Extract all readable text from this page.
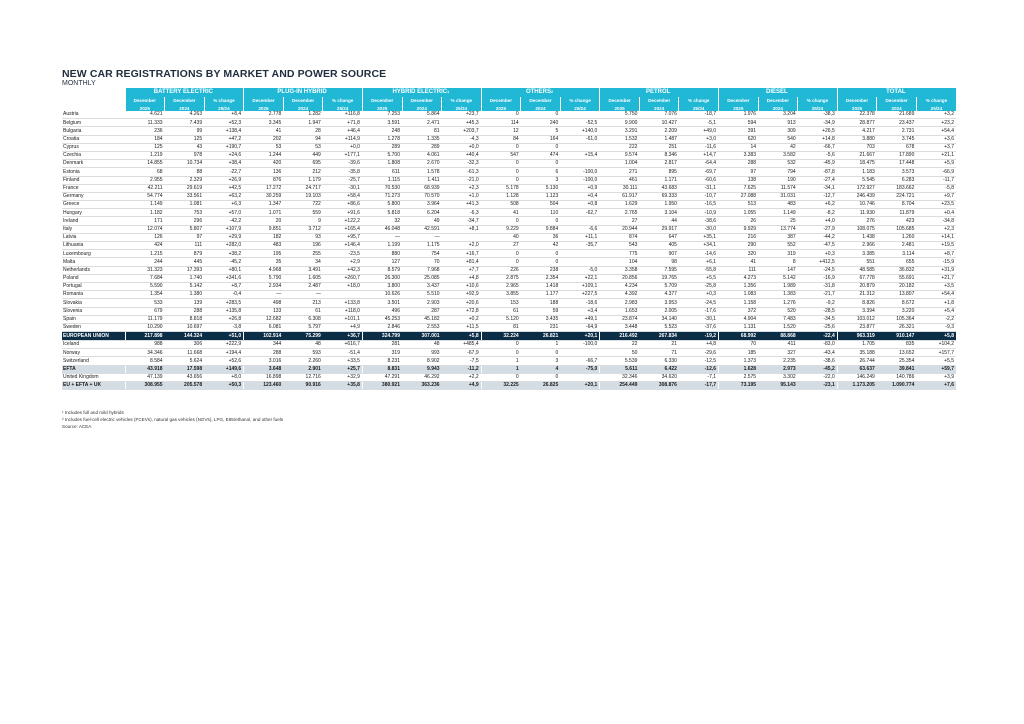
NEW CAR REGISTRATIONS BY MARKET AND POWER SOURCE
MONTHLY
	BATTERY ELECTRIC			PLUG-IN HYBRID			HYBRID ELECTRIC$^1$			OTHERS$^2$			PETROL			DIESEL			TOTAL		
	December	December	% change	December	December	% change	December	December	% change	December	December	% change	December	December	% change	December	December	% change	December	December	% change
	2025	2024	25/24	2025	2024	25/24	2025	2024	25/24	2025	2024	25/24	2025	2024	25/24	2025	2024	25/24	2025	2024	25/24
Austria	4.621	4.263	+8,4	2.778	1.282	+116,8	7.253	5.864	+23,7	0	0		5.750	7.076	-18,7	1.976	3.204	-38,3	22.378	21.689	+3,2
Belgium	11.333	7.439	+52,3	3.345	1.947	+71,8	3.591	2.471	+45,3	114	240	-52,5	9.900	10.427	-5,1	594	913	-34,9	28.877	23.437	+23,2
Bulgaria	236	99	+138,4	41	28	+46,4	248	81	+203,7	12	5	+140,0	3.291	2.209	+49,0	391	309	+26,5	4.217	2.731	+54,4
Croatia	184	125	+47,2	202	94	+114,9	1.278	1.335	-4,3	84	164	-61,0	1.532	1.487	+3,0	620	540	+14,8	3.880	3.745	+3,6
Cyprus	125	43	+190,7	53	53	+0,0	289	289	+0,0	0	0		222	251	-11,6	14	42	-66,7	703	678	+3,7
Czechia	1.219	978	+24,6	1.244	449	+177,1	5.700	4.061	+40,4	547	474	+15,4	9.574	8.346	+14,7	3.383	3.582	-5,6	21.667	17.890	+21,1
Denmark	14.855	10.734	+38,4	420	695	-39,6	1.808	2.670	-32,3	0	0		1.004	2.817	-64,4	288	532	-45,9	18.475	17.448	+5,9
Estonia	68	88	-22,7	136	212	-35,8	611	1.578	-61,3	0	6	-100,0	271	895	-69,7	97	794	-87,8	1.183	3.573	-66,9
Finland	2.955	2.329	+26,9	876	1.179	-25,7	1.115	1.411	-21,0	0	3	-100,0	461	1.171	-60,6	138	190	-27,4	5.545	6.283	-11,7
France	42.211	29.619	+42,5	17.272	24.717	-30,1	70.530	68.939	+2,3	5.178	5.130	+0,9	30.111	43.683	-31,1	7.625	11.574	-34,1	172.927	183.662	-5,8
Germany	54.774	33.561	+63,2	30.259	19.103	+58,4	71.273	70.570	+1,0	1.128	1.123	+0,4	61.917	69.333	-10,7	27.088	31.031	-12,7	246.439	224.721	+9,7
Greece	1.149	1.081	+6,3	1.347	722	+86,6	5.800	3.964	+41,3	508	504	+0,8	1.629	1.950	-16,5	513	483	+6,2	10.746	8.704	+23,5
Hungary	1.182	753	+57,0	1.071	559	+91,6	5.818	6.204	-6,3	41	110	-62,7	2.765	3.104	-10,9	1.055	1.149	-8,2	11.930	11.879	+0,4
Ireland	171	296	-42,2	20	9	+122,2	32	49	-34,7	0	0		27	44	-38,6	26	25	+4,0	276	423	-34,8
Italy	12.074	5.807	+107,9	9.851	3.712	+165,4	46.048	42.591	+8,1	9.229	9.884	-6,6	20.944	29.917	-30,0	9.929	13.774	-27,9	108.075	105.685	+2,3
Latvia	126	97	+29,9	182	93	+95,7	—	—		40	36	+11,1	874	647	+35,1	216	387	-44,2	1.438	1.260	+14,1
Lithuania	424	111	+282,0	483	196	+146,4	1.199	1.175	+2,0	27	42	-35,7	543	405	+34,1	290	552	-47,5	2.966	2.481	+19,5
Luxembourg	1.215	879	+38,2	195	255	-23,5	880	754	+16,7	0	0		775	907	-14,6	320	319	+0,3	3.385	3.114	+8,7
Malta	244	445	-45,2	35	34	+2,9	127	70	+81,4	0	0		104	98	+6,1	41	8	+412,5	551	655	-15,9
Netherlands	31.323	17.393	+80,1	4.968	3.491	+42,3	8.579	7.968	+7,7	226	238	-5,0	3.358	7.595	-55,8	111	147	-24,5	48.585	36.832	+31,9
Poland	7.684	1.740	+341,6	5.790	1.605	+260,7	26.300	25.085	+4,8	2.875	2.354	+22,1	20.856	19.765	+5,5	4.273	5.142	-16,9	67.778	55.691	+21,7
Portugal	5.590	5.142	+8,7	2.934	2.487	+18,0	3.800	3.437	+10,6	2.965	1.418	+109,1	4.234	5.709	-25,8	1.356	1.989	-31,8	20.879	20.182	+3,5
Romania	1.354	1.380	-0,4	—	—		10.626	5.510	+92,9	3.855	1.177	+227,5	4.392	4.377	+0,3	1.083	1.383	-21,7	21.312	13.807	+54,4
Slovakia	533	139	+283,5	498	213	+133,8	3.501	2.903	+20,6	153	188	-18,6	2.983	3.953	-24,5	1.158	1.276	-9,2	8.826	8.672	+1,8
Slovenia	679	288	+135,8	133	61	+118,0	496	287	+72,8	61	59	+3,4	1.653	2.005	-17,6	372	520	-28,5	3.394	3.220	+5,4
Spain	11.179	8.818	+26,8	12.682	6.308	+101,1	45.253	45.182	+0,2	5.120	3.435	+49,1	23.874	34.140	-30,1	4.904	7.483	-34,5	103.012	105.364	-2,2
Sweden	10.290	10.697	-3,8	6.081	5.797	+4,9	2.846	2.553	+11,5	81	231	-64,9	3.448	5.523	-37,6	1.131	1.520	-25,6	23.877	26.321	-9,3
EUROPEAN UNION	217.898	144.324	+51,0	102.914	75.299	+36,7	324.799	307.001	+5,8	32.224	26.821	+20,1	216.492	267.834	-19,2	68.992	88.868	-22,4	963.319	910.147	+5,8
Iceland	988	306	+222,9	344	48	+616,7	281	48	+485,4	0	1	-100,0	22	21	+4,8	70	411	-83,0	1.705	835	+104,2
Norway	34.346	11.668	+194,4	288	593	-51,4	319	993	-67,9	0	0		50	71	-29,6	185	327	-43,4	35.188	13.652	+157,7
Switzerland	8.584	5.624	+52,6	3.016	2.260	+33,5	8.231	8.902	-7,5	1	3	-66,7	5.539	6.330	-12,5	1.373	2.235	-38,6	26.744	25.354	+5,5
EFTA	43.918	17.598	+149,6	3.648	2.901	+25,7	8.831	9.943	-11,2	1	4	-75,0	5.611	6.422	-12,6	1.628	2.973	-45,2	63.637	39.841	+59,7
United Kingdom	47.139	43.656	+8,0	16.898	12.716	+32,9	47.291	46.292	+2,2	0	0		32.346	34.620	-7,1	2.575	3.302	-22,0	146.249	140.786	+3,9
EU + EFTA + UK	308.955	205.578	+50,3	123.460	90.916	+35,8	380.921	363.236	+4,9	32.225	26.825	+20,1	254.449	308.876	-17,7	73.195	95.143	-23,1	1.173.205	1.090.774	+7,6
¹ Includes full and mild hybrids
² Includes fuel-cell electric vehicles (FCEVs), natural gas vehicles (NGVs), LPG, E85/ethanol, and other fuels
Source: ACEA
